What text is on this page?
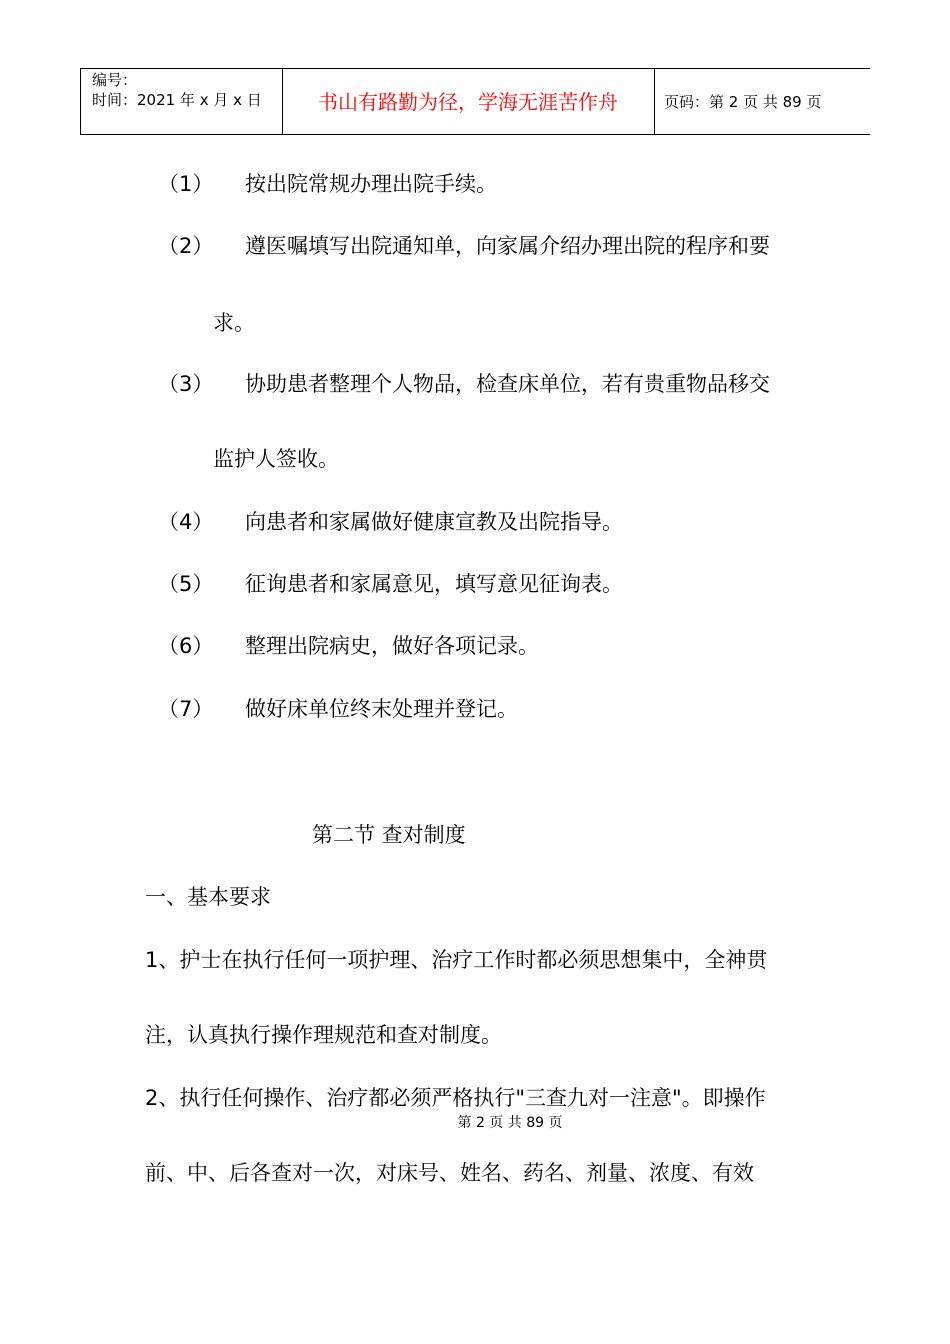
编号：
时间：2021 年 x 月 x 日	书山有路勤为径，学海无涯苦作舟	页码：第 2 页 共 89 页
（1） 按出院常规办理出院手续。
（2） 遵医嘱填写出院通知单，向家属介绍办理出院的程序和要
求。
（3） 协助患者整理个人物品，检查床单位，若有贵重物品移交
监护人签收。
（4） 向患者和家属做好健康宣教及出院指导。
（5） 征询患者和家属意见，填写意见征询表。
（6） 整理出院病史，做好各项记录。
（7） 做好床单位终末处理并登记。
第二节 查对制度
一、基本要求
1、护士在执行任何一项护理、治疗工作时都必须思想集中，全神贯
注，认真执行操作理规范和查对制度。
2、执行任何操作、治疗都必须严格执行"三查九对一注意"。即操作
第 2 页 共 89 页
前、中、后各查对一次，对床号、姓名、药名、剂量、浓度、有效
